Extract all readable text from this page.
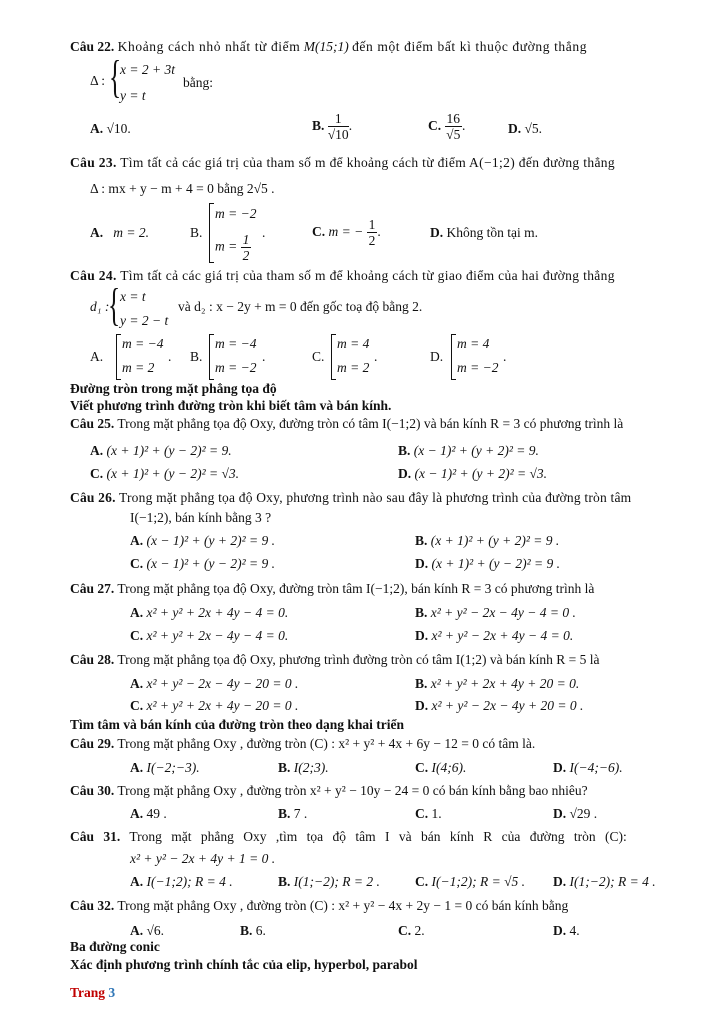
Câu 22. Khoảng cách nhỏ nhất từ điểm M(15;1) đến một điểm bất kì thuộc đường thẳng
Δ : {
x = 2 + 3t
y = t
bằng:
A. √10.	B. $\frac{1}{√10}$ .	C. $\frac{16}{√5}$ .	D. √5.
Câu 23. Tìm tất cả các giá trị của tham số m để khoảng cách từ điểm A(−1;2) đến đường thẳng
Δ : mx + y − m + 4 = 0 bằng 2√5 .
A. m = 2.	B.
m = −2
$m = \frac{1}{2}$ .	C. m = − $\frac{1}{2}$ .	D. Không tồn tại m.
Câu 24. Tìm tất cả các giá trị của tham số m để khoảng cách từ giao điểm của hai đường thẳng
d₁ :
{ x = t
y = 2 − t
và d₂ : x − 2y + m = 0 đến gốc toạ độ bằng 2.
A.
m = −4
m = 2
. B.
m = −4
m = −2
.	C.
m = 4
m = 2
.	D.
m = 4
m = −2
.
Đường tròn trong mặt phẳng tọa độ
Viết phương trình đường tròn khi biết tâm và bán kính.
Câu 25. Trong mặt phẳng tọa độ Oxy, đường tròn có tâm I(−1;2) và bán kính R = 3 có phương trình là
A. (x + 1)² + (y − 2)² = 9.	B. (x − 1)² + (y + 2)² = 9.
C. (x + 1)² + (y − 2)² = √3.	D. (x − 1)² + (y + 2)² = √3.
Câu 26. Trong mặt phẳng tọa độ Oxy, phương trình nào sau đây là phương trình của đường tròn tâm
I(−1;2), bán kính bằng 3 ?
A. (x − 1)² + (y + 2)² = 9 .	B. (x + 1)² + (y + 2)² = 9 .
C. (x − 1)² + (y − 2)² = 9 .	D. (x + 1)² + (y − 2)² = 9 .
Câu 27. Trong mặt phẳng tọa độ Oxy, đường tròn tâm I(−1;2), bán kính R = 3 có phương trình là
A. x² + y² + 2x + 4y − 4 = 0.	B. x² + y² − 2x − 4y − 4 = 0 .
C. x² + y² + 2x − 4y − 4 = 0.	D. x² + y² − 2x + 4y − 4 = 0.
Câu 28. Trong mặt phẳng tọa độ Oxy, phương trình đường tròn có tâm I(1;2) và bán kính R = 5 là
A. x² + y² − 2x − 4y − 20 = 0 .	B. x² + y² + 2x + 4y + 20 = 0.
C. x² + y² + 2x + 4y − 20 = 0 .	D. x² + y² − 2x − 4y + 20 = 0 .
Tìm tâm và bán kính của đường tròn theo dạng khai triển
Câu 29. Trong mặt phẳng Oxy , đường tròn (C) : x² + y² + 4x + 6y − 12 = 0 có tâm là.
A. I(−2;−3).	B. I(2;3).	C. I(4;6).	D. I(−4;−6).
Câu 30. Trong mặt phẳng Oxy , đường tròn x² + y² − 10y − 24 = 0 có bán kính bằng bao nhiêu?
A. 49 .	B. 7 .	C. 1.	D. √29 .
Câu 31. Trong mặt phẳng Oxy ,tìm tọa độ tâm I và bán kính R của đường tròn (C):
x² + y² − 2x + 4y + 1 = 0 .
A. I(−1;2); R = 4 .	B. I(1;−2); R = 2 .	C. I(−1;2); R = √5 . D. I(1;−2); R = 4 .
Câu 32. Trong mặt phẳng Oxy , đường tròn (C) : x² + y² − 4x + 2y − 1 = 0 có bán kính bằng
A. √6.	B. 6.	C. 2.	D. 4.
Ba đường conic
Xác định phương trình chính tắc của elip, hyperbol, parabol
Trang 3
